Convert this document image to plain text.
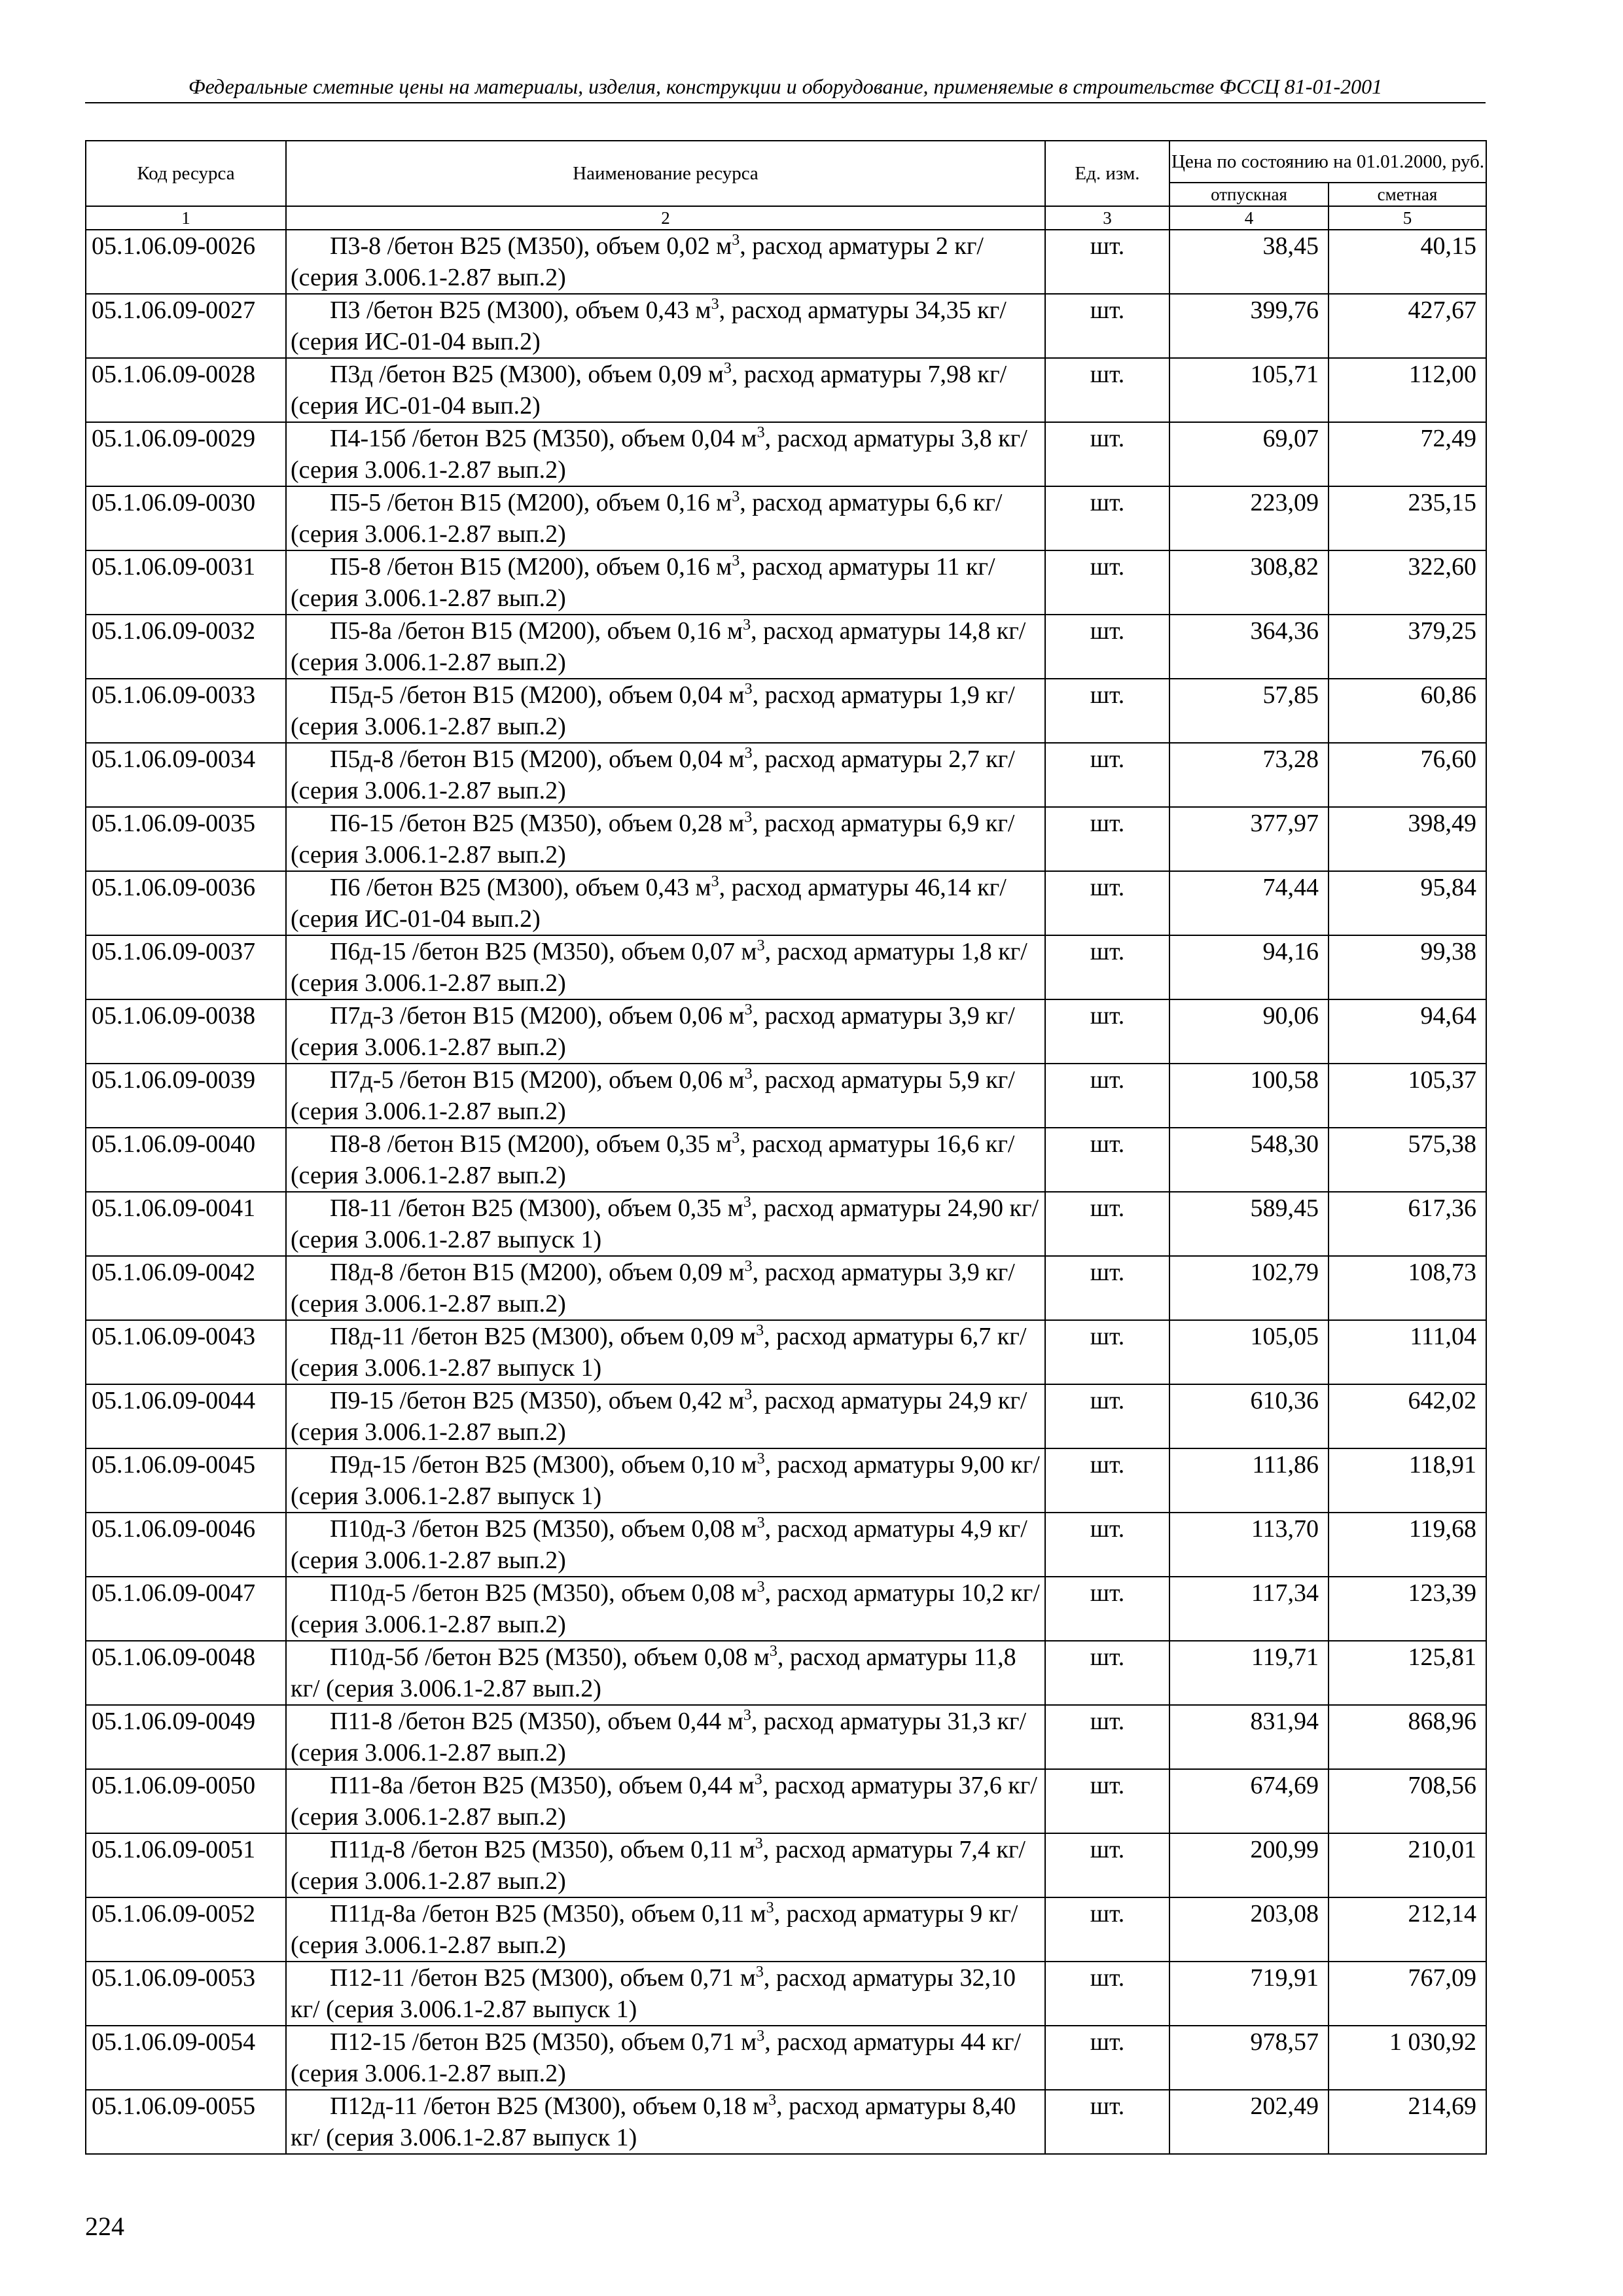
Федеральные сметные цены на материалы, изделия, конструкции и оборудование, применяемые в строительстве ФССЦ 81-01-2001
Код ресурса	Наименование ресурса	Ед. изм.	Цена по состоянию на 01.01.2000, руб.	
			отпускная	сметная
1	2	3	4	5
05.1.06.09-0026	П3-8 /бетон В25 (М350), объем 0,02 $м^3$, расход арматуры 2 кг/ (серия 3.006.1-2.87 вып.2)	шт.	38,45	40,15
05.1.06.09-0027	П3 /бетон В25 (М300), объем 0,43 $м^3$, расход арматуры 34,35 кг/ (серия ИС-01-04 вып.2)	шт.	399,76	427,67
05.1.06.09-0028	П3д /бетон В25 (М300), объем 0,09 $м^3$, расход арматуры 7,98 кг/ (серия ИС-01-04 вып.2)	шт.	105,71	112,00
05.1.06.09-0029	П4-15б /бетон В25 (М350), объем 0,04 $м^3$, расход арматуры 3,8 кг/ (серия 3.006.1-2.87 вып.2)	шт.	69,07	72,49
05.1.06.09-0030	П5-5 /бетон В15 (М200), объем 0,16 $м^3$, расход арматуры 6,6 кг/ (серия 3.006.1-2.87 вып.2)	шт.	223,09	235,15
05.1.06.09-0031	П5-8 /бетон В15 (М200), объем 0,16 $м^3$, расход арматуры 11 кг/ (серия 3.006.1-2.87 вып.2)	шт.	308,82	322,60
05.1.06.09-0032	П5-8а /бетон В15 (М200), объем 0,16 $м^3$, расход арматуры 14,8 кг/ (серия 3.006.1-2.87 вып.2)	шт.	364,36	379,25
05.1.06.09-0033	П5д-5 /бетон В15 (М200), объем 0,04 $м^3$, расход арматуры 1,9 кг/ (серия 3.006.1-2.87 вып.2)	шт.	57,85	60,86
05.1.06.09-0034	П5д-8 /бетон В15 (М200), объем 0,04 $м^3$, расход арматуры 2,7 кг/ (серия 3.006.1-2.87 вып.2)	шт.	73,28	76,60
05.1.06.09-0035	П6-15 /бетон В25 (М350), объем 0,28 $м^3$, расход арматуры 6,9 кг/ (серия 3.006.1-2.87 вып.2)	шт.	377,97	398,49
05.1.06.09-0036	П6 /бетон В25 (М300), объем 0,43 $м^3$, расход арматуры 46,14 кг/ (серия ИС-01-04 вып.2)	шт.	74,44	95,84
05.1.06.09-0037	П6д-15 /бетон В25 (М350), объем 0,07 $м^3$, расход арматуры 1,8 кг/ (серия 3.006.1-2.87 вып.2)	шт.	94,16	99,38
05.1.06.09-0038	П7д-3 /бетон В15 (М200), объем 0,06 $м^3$, расход арматуры 3,9 кг/ (серия 3.006.1-2.87 вып.2)	шт.	90,06	94,64
05.1.06.09-0039	П7д-5 /бетон В15 (М200), объем 0,06 $м^3$, расход арматуры 5,9 кг/ (серия 3.006.1-2.87 вып.2)	шт.	100,58	105,37
05.1.06.09-0040	П8-8 /бетон В15 (М200), объем 0,35 $м^3$, расход арматуры 16,6 кг/ (серия 3.006.1-2.87 вып.2)	шт.	548,30	575,38
05.1.06.09-0041	П8-11 /бетон В25 (М300), объем 0,35 $м^3$, расход арматуры 24,90 кг/ (серия 3.006.1-2.87 выпуск 1)	шт.	589,45	617,36
05.1.06.09-0042	П8д-8 /бетон В15 (М200), объем 0,09 $м^3$, расход арматуры 3,9 кг/ (серия 3.006.1-2.87 вып.2)	шт.	102,79	108,73
05.1.06.09-0043	П8д-11 /бетон В25 (М300), объем 0,09 $м^3$, расход арматуры 6,7 кг/ (серия 3.006.1-2.87 выпуск 1)	шт.	105,05	111,04
05.1.06.09-0044	П9-15 /бетон В25 (М350), объем 0,42 $м^3$, расход арматуры 24,9 кг/ (серия 3.006.1-2.87 вып.2)	шт.	610,36	642,02
05.1.06.09-0045	П9д-15 /бетон В25 (М300), объем 0,10 $м^3$, расход арматуры 9,00 кг/ (серия 3.006.1-2.87 выпуск 1)	шт.	111,86	118,91
05.1.06.09-0046	П10д-3 /бетон В25 (М350), объем 0,08 $м^3$, расход арматуры 4,9 кг/ (серия 3.006.1-2.87 вып.2)	шт.	113,70	119,68
05.1.06.09-0047	П10д-5 /бетон В25 (М350), объем 0,08 $м^3$, расход арматуры 10,2 кг/ (серия 3.006.1-2.87 вып.2)	шт.	117,34	123,39
05.1.06.09-0048	П10д-5б /бетон В25 (М350), объем 0,08 $м^3$, расход арматуры 11,8 кг/ (серия 3.006.1-2.87 вып.2)	шт.	119,71	125,81
05.1.06.09-0049	П11-8 /бетон В25 (М350), объем 0,44 $м^3$, расход арматуры 31,3 кг/ (серия 3.006.1-2.87 вып.2)	шт.	831,94	868,96
05.1.06.09-0050	П11-8а /бетон В25 (М350), объем 0,44 $м^3$, расход арматуры 37,6 кг/ (серия 3.006.1-2.87 вып.2)	шт.	674,69	708,56
05.1.06.09-0051	П11д-8 /бетон В25 (М350), объем 0,11 $м^3$, расход арматуры 7,4 кг/ (серия 3.006.1-2.87 вып.2)	шт.	200,99	210,01
05.1.06.09-0052	П11д-8а /бетон В25 (М350), объем 0,11 $м^3$, расход арматуры 9 кг/ (серия 3.006.1-2.87 вып.2)	шт.	203,08	212,14
05.1.06.09-0053	П12-11 /бетон В25 (М300), объем 0,71 $м^3$, расход арматуры 32,10 кг/ (серия 3.006.1-2.87 выпуск 1)	шт.	719,91	767,09
05.1.06.09-0054	П12-15 /бетон В25 (М350), объем 0,71 $м^3$, расход арматуры 44 кг/ (серия 3.006.1-2.87 вып.2)	шт.	978,57	1 030,92
05.1.06.09-0055	П12д-11 /бетон В25 (М300), объем 0,18 $м^3$, расход арматуры 8,40 кг/ (серия 3.006.1-2.87 выпуск 1)	шт.	202,49	214,69
224
